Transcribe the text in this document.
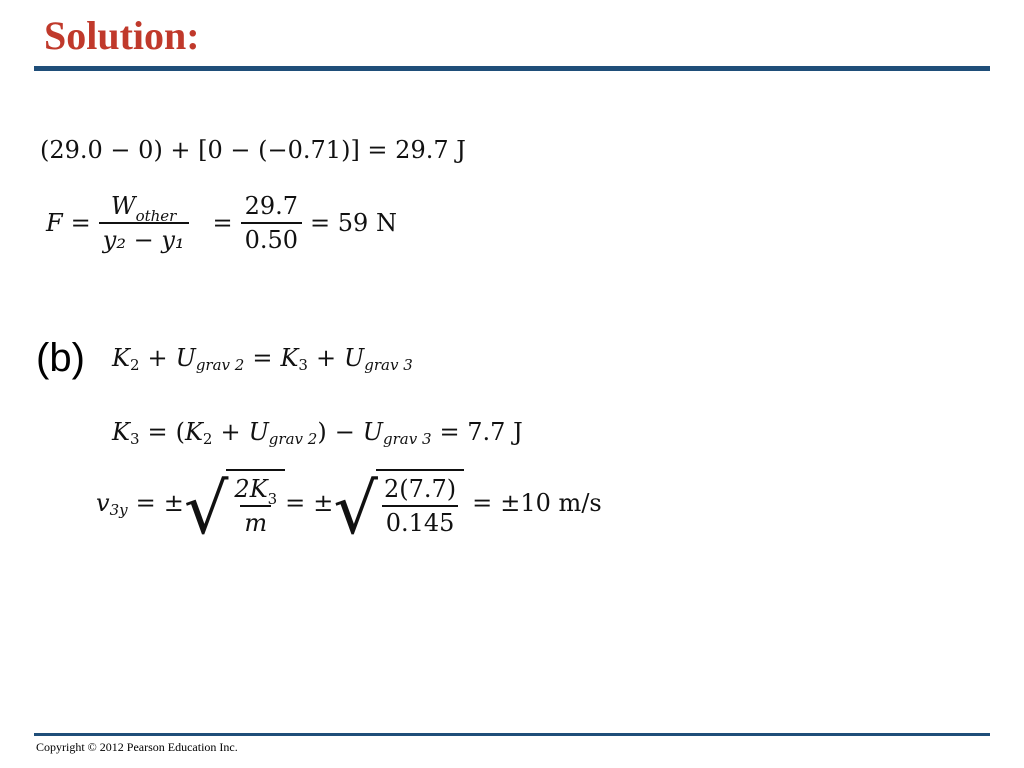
Solution:
(29.0 − 0) + [0 − (−0.71)] = 29.7 J
$F = \frac{W_{other}}{\text{y₂ − y₁}} = \frac{29.7}{0.50} = 59$ N
(b) K 2 + U grav 2 = K 3 + U grav 3
K 3 = ( K 2 + U grav 2 )
− U grav 3 = 7.7 J
v 3y = ± √ $\frac{2K_3}{m}$ = ± √ $\frac{2(7.7)}{0.145} = \pm 10$ m/s
Copyright © 2012 Pearson Education Inc.
